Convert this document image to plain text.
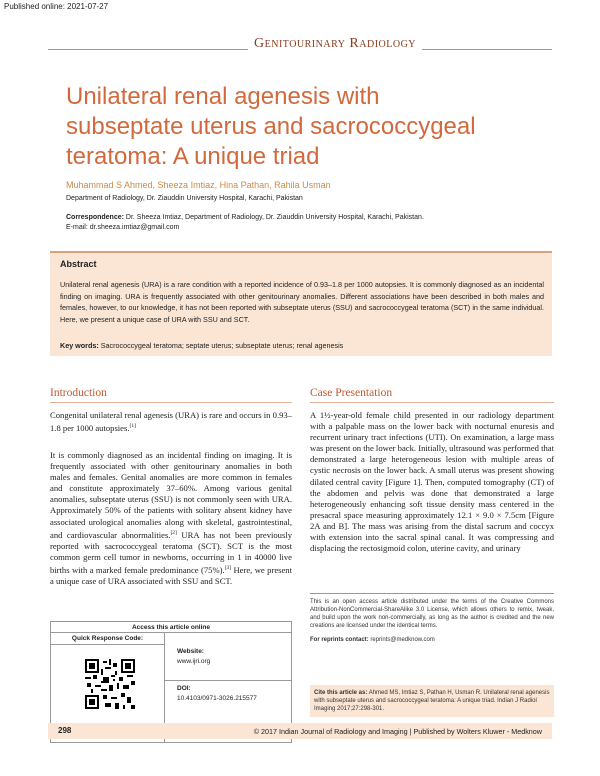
Published online: 2021-07-27
Genitourinary Radiology
Unilateral renal agenesis with subseptate uterus and sacrococcygeal teratoma: A unique triad
Muhammad S Ahmed, Sheeza Imtiaz, Hina Pathan, Rahila Usman
Department of Radiology, Dr. Ziauddin University Hospital, Karachi, Pakistan
Correspondence: Dr. Sheeza Imtiaz, Department of Radiology, Dr. Ziauddin University Hospital, Karachi, Pakistan.
E-mail: dr.sheeza.imtiaz@gmail.com
Abstract

Unilateral renal agenesis (URA) is a rare condition with a reported incidence of 0.93–1.8 per 1000 autopsies. It is commonly diagnosed as an incidental finding on imaging. URA is frequently associated with other genitourinary anomalies. Different associations have been described in both males and females, however, to our knowledge, it has not been reported with subseptate uterus (SSU) and sacrococcygeal teratoma (SCT) in the same individual. Here, we present a unique case of URA with SSU and SCT.

Key words: Sacrococcygeal teratoma; septate uterus; subseptate uterus; renal agenesis

Introduction	Case Presentation

Congenital unilateral renal agenesis (URA) is rare and occurs in 0.93–1.8 per 1000 autopsies.[1]

It is commonly diagnosed as an incidental finding on imaging. It is frequently associated with other genitourinary anomalies in both males and females. Genital anomalies are more common in females and constitute approximately 37–60%. Among various genital anomalies, subseptate uterus (SSU) is not commonly seen with URA. Approximately 50% of the patients with solitary absent kidney have associated urological anomalies along with skeletal, gastrointestinal, and cardiovascular abnormalities.[2] URA has not been previously reported with sacrococcygeal teratoma (SCT). SCT is the most common germ cell tumor in newborns, occurring in 1 in 40000 live births with a marked female predominance (75%).[3] Here, we present a unique case of URA associated with SSU and SCT.

A 1½-year-old female child presented in our radiology department with a palpable mass on the lower back with nocturnal enuresis and recurrent urinary tract infections (UTI). On examination, a large mass was present on the lower back. Initially, ultrasound was performed that demonstrated a large heterogeneous lesion with multiple areas of cystic necrosis on the lower back. A small uterus was present showing dilated central cavity [Figure 1]. Then, computed tomography (CT) of the abdomen and pelvis was done that demonstrated a large heterogeneously enhancing soft tissue density mass centered in the presacral space measuring approximately 12.1 × 9.0 × 7.5cm [Figure 2A and B]. The mass was arising from the distal sacrum and coccyx with extension into the sacral spinal canal. It was compressing and displacing the rectosigmoid colon, uterine cavity, and urinary

Access this article online
Quick Response Code:
Website:
www.ijri.org
DOI:
10.4103/0971-3026.215577

This is an open access article distributed under the terms of the Creative Commons Attribution-NonCommercial-ShareAlike 3.0 License, which allows others to remix, tweak, and build upon the work non-commercially, as long as the author is credited and the new creations are licensed under the identical terms.

For reprints contact: reprints@medknow.com

Cite this article as: Ahmed MS, Imtiaz S, Pathan H, Usman R. Unilateral renal agenesis with subseptate uterus and sacrococcygeal teratoma: A unique triad. Indian J Radiol Imaging 2017;27:298-301.
298	© 2017 Indian Journal of Radiology and Imaging | Published by Wolters Kluwer - Medknow
